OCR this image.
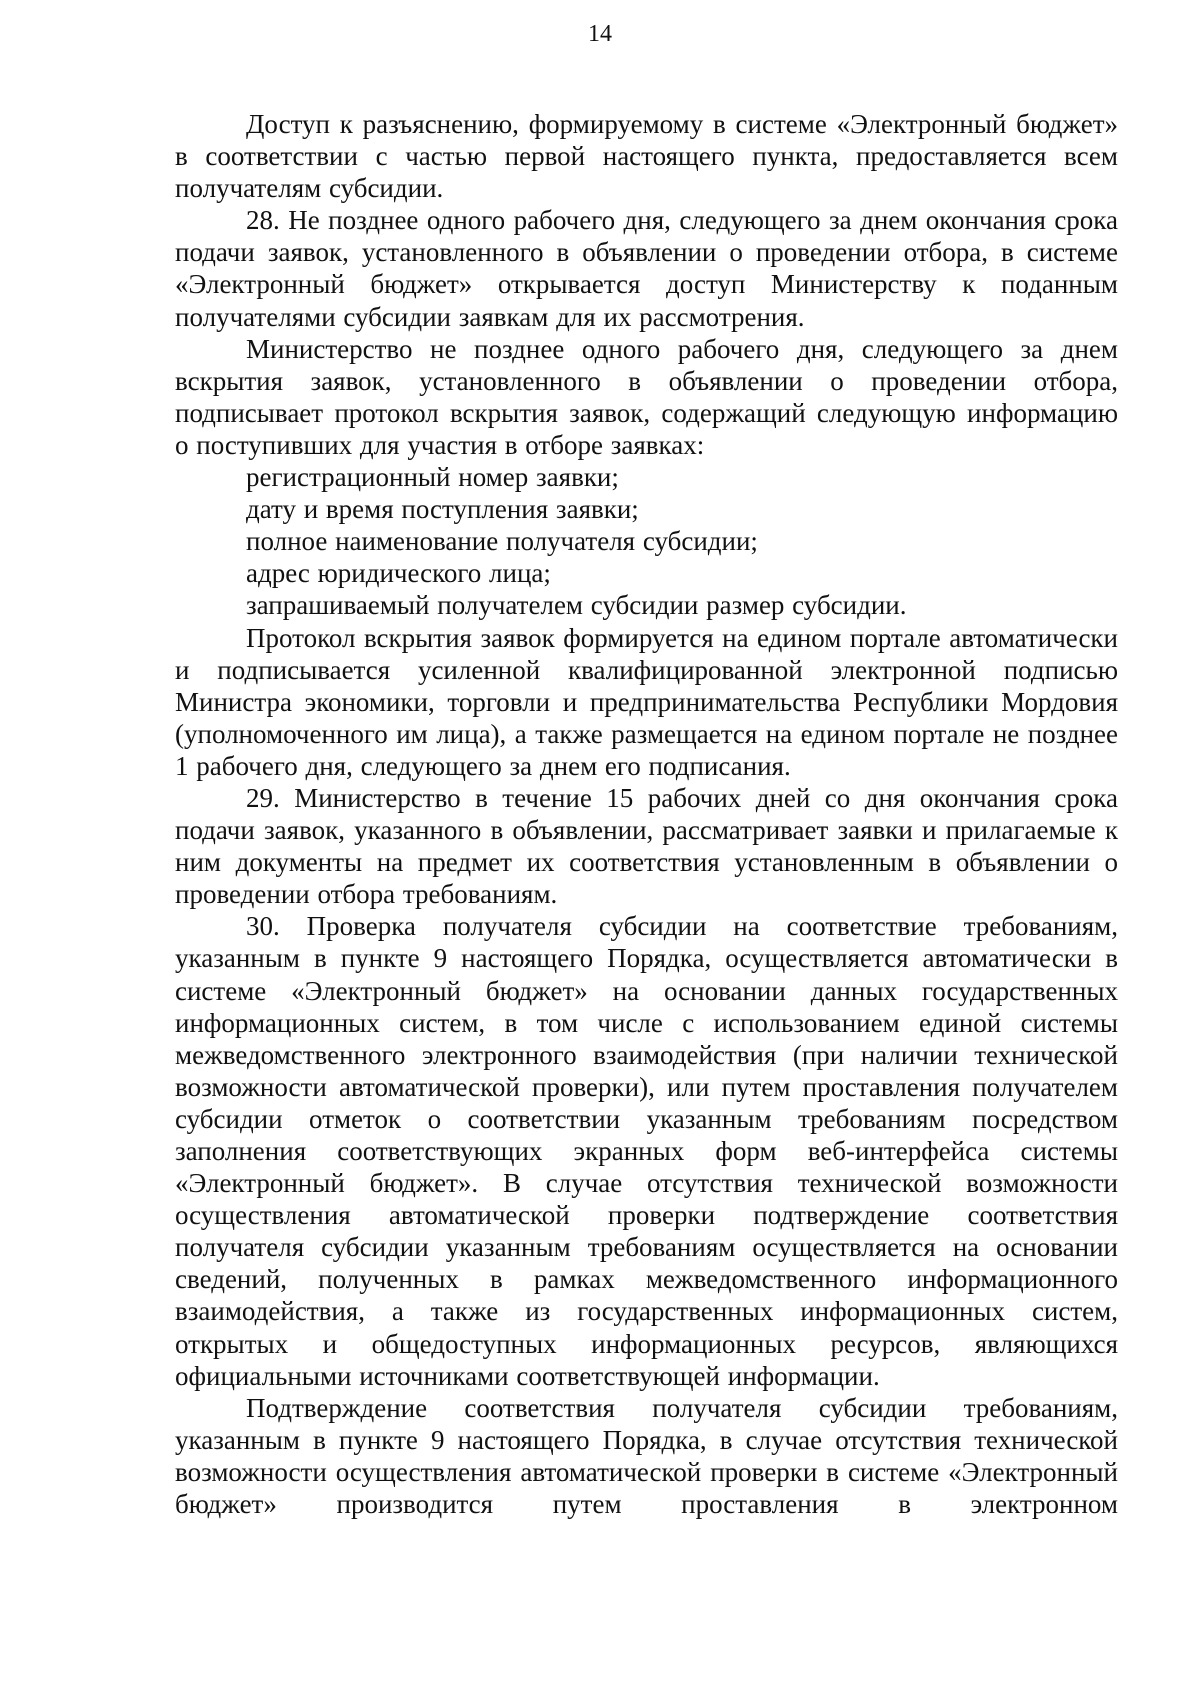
14

Доступ к разъяснению, формируемому в системе «Электронный бюджет» в соответствии с частью первой настоящего пункта, предоставляется всем получателям субсидии.

28. Не позднее одного рабочего дня, следующего за днем окончания срока подачи заявок, установленного в объявлении о проведении отбора, в системе «Электронный бюджет» открывается доступ Министерству к поданным получателями субсидии заявкам для их рассмотрения.

Министерство не позднее одного рабочего дня, следующего за днем вскрытия заявок, установленного в объявлении о проведении отбора, подписывает протокол вскрытия заявок, содержащий следующую информацию о поступивших для участия в отборе заявках:

регистрационный номер заявки;

дату и время поступления заявки;

полное наименование получателя субсидии;

адрес юридического лица;

запрашиваемый получателем субсидии размер субсидии.

Протокол вскрытия заявок формируется на едином портале автоматически и подписывается усиленной квалифицированной электронной подписью Министра экономики, торговли и предпринимательства Республики Мордовия (уполномоченного им лица), а также размещается на едином портале не позднее 1 рабочего дня, следующего за днем его подписания.

29. Министерство в течение 15 рабочих дней со дня окончания срока подачи заявок, указанного в объявлении, рассматривает заявки и прилагаемые к ним документы на предмет их соответствия установленным в объявлении о проведении отбора требованиям.

30. Проверка получателя субсидии на соответствие требованиям, указанным в пункте 9 настоящего Порядка, осуществляется автоматически в системе «Электронный бюджет» на основании данных государственных информационных систем, в том числе с использованием единой системы межведомственного электронного взаимодействия (при наличии технической возможности автоматической проверки), или путем проставления получателем субсидии отметок о соответствии указанным требованиям посредством заполнения соответствующих экранных форм веб-интерфейса системы «Электронный бюджет». В случае отсутствия технической возможности осуществления автоматической проверки подтверждение соответствия получателя субсидии указанным требованиям осуществляется на основании сведений, полученных в рамках межведомственного информационного взаимодействия, а также из государственных информационных систем, открытых и общедоступных информационных ресурсов, являющихся официальными источниками соответствующей информации.

Подтверждение соответствия получателя субсидии требованиям, указанным в пункте 9 настоящего Порядка, в случае отсутствия технической возможности осуществления автоматической проверки в системе «Электронный бюджет» производится путем проставления в электронном
